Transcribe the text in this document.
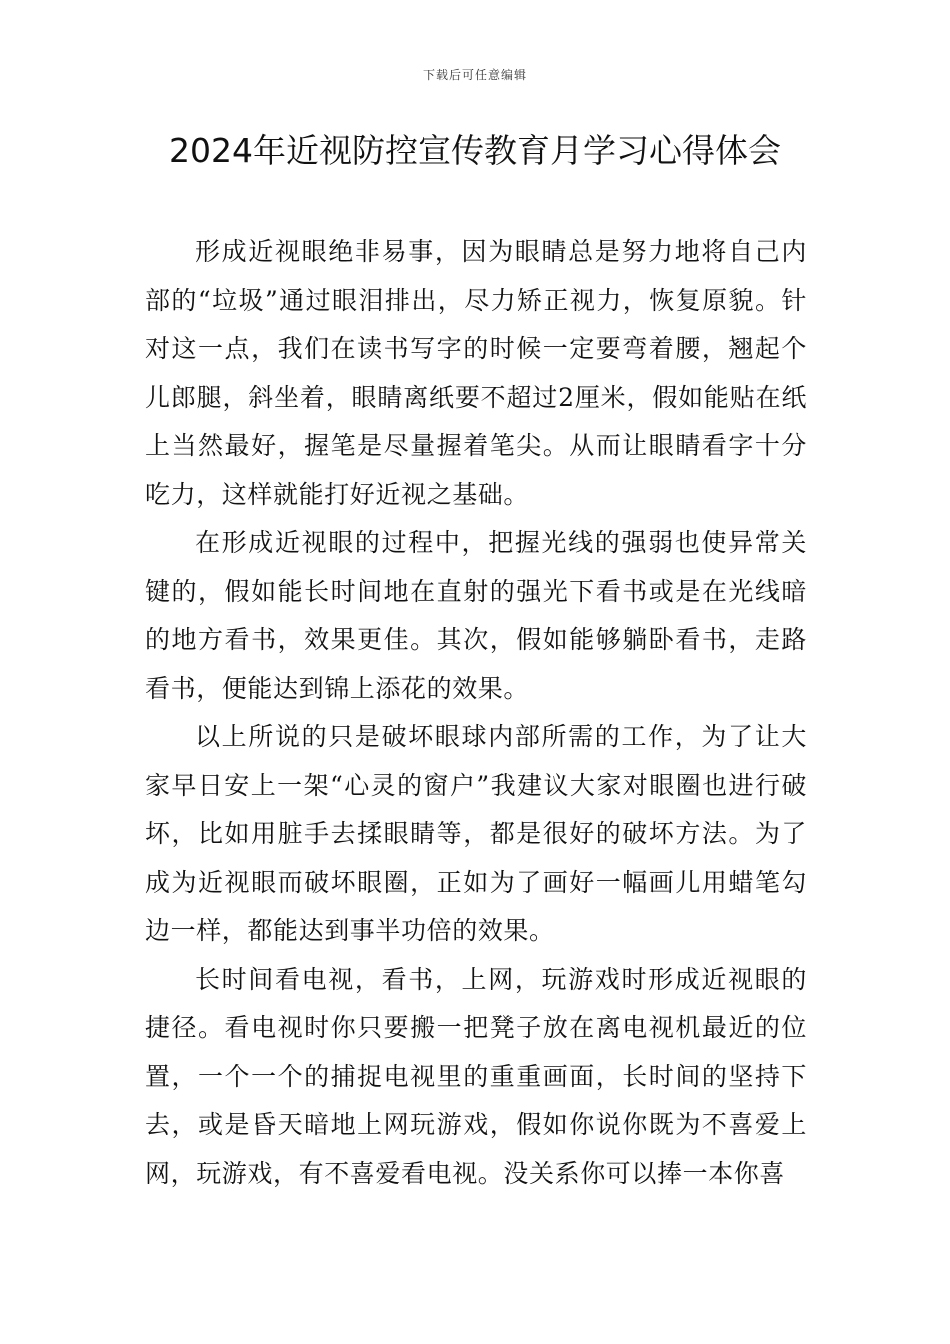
下载后可任意编辑
2024年近视防控宣传教育月学习心得体会

形成近视眼绝非易事，因为眼睛总是努力地将自己内部的“垃圾”通过眼泪排出，尽力矫正视力，恢复原貌。针对这一点，我们在读书写字的时候一定要弯着腰，翘起个儿郎腿，斜坐着，眼睛离纸要不超过2厘米，假如能贴在纸上当然最好，握笔是尽量握着笔尖。从而让眼睛看字十分吃力，这样就能打好近视之基础。

在形成近视眼的过程中，把握光线的强弱也使异常关键的，假如能长时间地在直射的强光下看书或是在光线暗的地方看书，效果更佳。其次，假如能够躺卧看书，走路看书，便能达到锦上添花的效果。

以上所说的只是破坏眼球内部所需的工作，为了让大家早日安上一架“心灵的窗户”我建议大家对眼圈也进行破坏，比如用脏手去揉眼睛等，都是很好的破坏方法。为了成为近视眼而破坏眼圈，正如为了画好一幅画儿用蜡笔勾边一样，都能达到事半功倍的效果。

长时间看电视，看书，上网，玩游戏时形成近视眼的捷径。看电视时你只要搬一把凳子放在离电视机最近的位置，一个一个的捕捉电视里的重重画面，长时间的坚持下去，或是昏天暗地上网玩游戏，假如你说你既为不喜爱上网，玩游戏，有不喜爱看电视。没关系你可以捧一本你喜
